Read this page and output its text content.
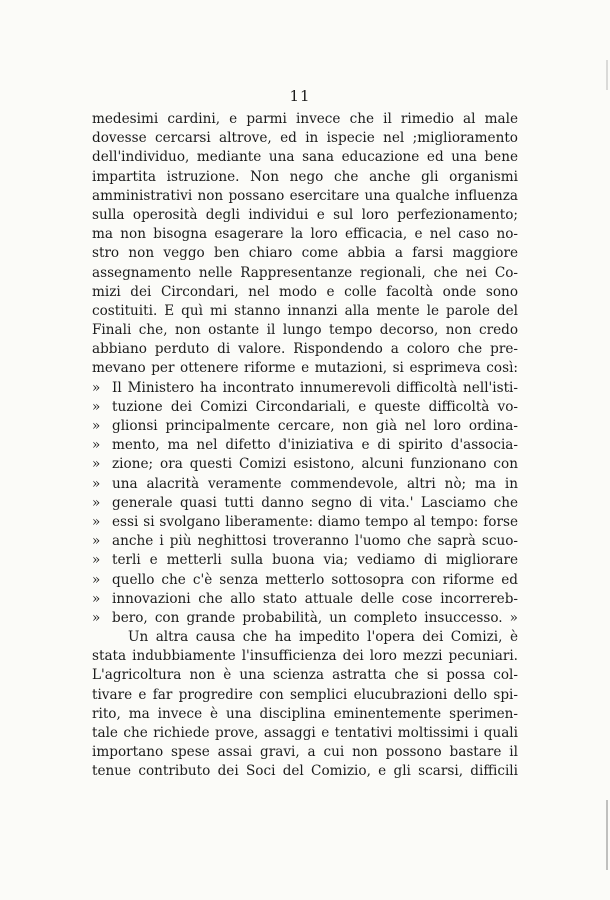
11
medesimi cardini, e parmi invece che il rimedio al male
dovesse cercarsi altrove, ed in ispecie nel ;miglioramento
dell'individuo, mediante una sana educazione ed una bene
impartita istruzione. Non nego che anche gli organismi
amministrativi non possano esercitare una qualche influenza
sulla operosità degli individui e sul loro perfezionamento;
ma non bisogna esagerare la loro efficacia, e nel caso no-
stro non veggo ben chiaro come abbia a farsi maggiore
assegnamento nelle Rappresentanze regionali, che nei Co-
mizi dei Circondari, nel modo e colle facoltà onde sono
costituiti. E quì mi stanno innanzi alla mente le parole del
Finali che, non ostante il lungo tempo decorso, non credo
abbiano perduto di valore. Rispondendo a coloro che pre-
mevano per ottenere riforme e mutazioni, si esprimeva così:
» Il Ministero ha incontrato innumerevoli difficoltà nell'isti-
» tuzione dei Comizi Circondariali, e queste difficoltà vo-
» glionsi principalmente cercare, non già nel loro ordina-
» mento, ma nel difetto d'iniziativa e di spirito d'associa-
» zione; ora questi Comizi esistono, alcuni funzionano con
» una alacrità veramente commendevole, altri nò; ma in
» generale quasi tutti danno segno di vita.' Lasciamo che
» essi si svolgano liberamente: diamo tempo al tempo: forse
» anche i più neghittosi troveranno l'uomo che saprà scuo-
» terli e metterli sulla buona via; vediamo di migliorare
» quello che c'è senza metterlo sottosopra con riforme ed
» innovazioni che allo stato attuale delle cose incorrereb-
» bero, con grande probabilità, un completo insuccesso. »
Un altra causa che ha impedito l'opera dei Comizi, è
stata indubbiamente l'insufficienza dei loro mezzi pecuniari.
L'agricoltura non è una scienza astratta che si possa col-
tivare e far progredire con semplici elucubrazioni dello spi-
rito, ma invece è una disciplina eminentemente sperimen-
tale che richiede prove, assaggi e tentativi moltissimi i quali
importano spese assai gravi, a cui non possono bastare il
tenue contributo dei Soci del Comizio, e gli scarsi, difficili
